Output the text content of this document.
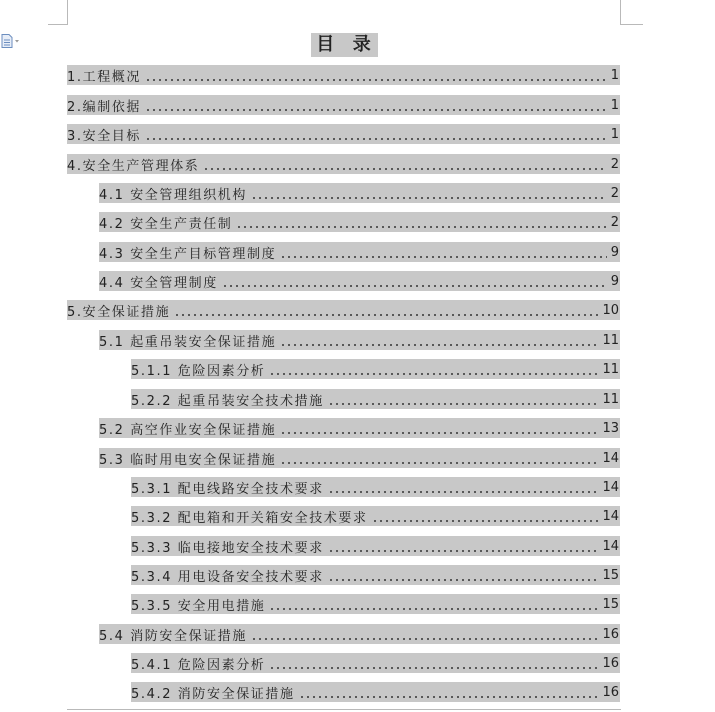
目  录
1.工程概况	1
2.编制依据	1
3.安全目标	1
4.安全生产管理体系	2
4.1 安全管理组织机构	2
4.2 安全生产责任制	2
4.3 安全生产目标管理制度	9
4.4 安全管理制度	9
5.安全保证措施	10
5.1 起重吊装安全保证措施	11
5.1.1 危险因素分析	11
5.2.2 起重吊装安全技术措施	11
5.2 高空作业安全保证措施	13
5.3 临时用电安全保证措施	14
5.3.1 配电线路安全技术要求	14
5.3.2 配电箱和开关箱安全技术要求	14
5.3.3 临电接地安全技术要求	14
5.3.4 用电设备安全技术要求	15
5.3.5 安全用电措施	15
5.4 消防安全保证措施	16
5.4.1 危险因素分析	16
5.4.2 消防安全保证措施	16
